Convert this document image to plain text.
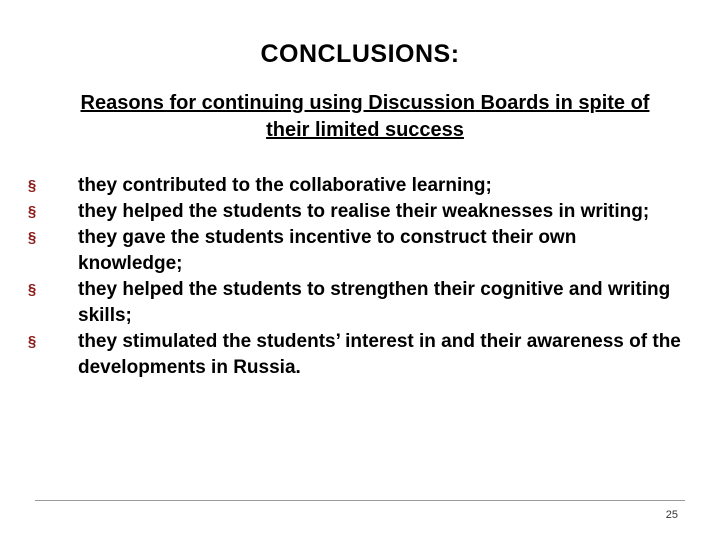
CONCLUSIONS:
Reasons for continuing using Discussion Boards in spite of their limited success
§ they contributed to the collaborative learning;
§ they helped the students to realise their weaknesses in writing;
§ they gave the students incentive to construct their own knowledge;
§ they helped the students to strengthen their cognitive and writing skills;
§ they stimulated the students’ interest in and their awareness of the developments in Russia.
25
